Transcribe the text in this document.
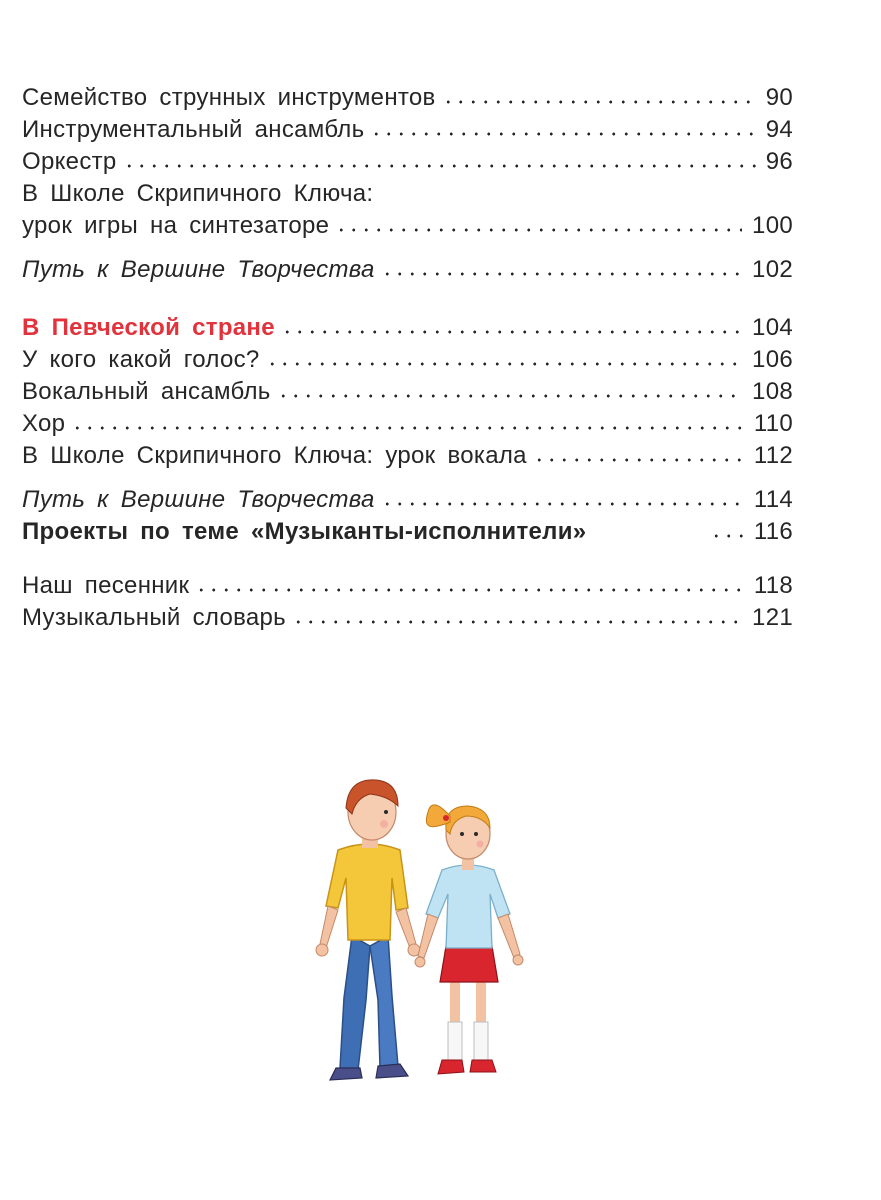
Семейство струнных инструментов	90
Инструментальный ансамбль	94
Оркестр	96
В Школе Скрипичного Ключа:
урок игры на синтезаторе	100
Путь к Вершине Творчества	102
В Певческой стране	104
У кого какой голос?	106
Вокальный ансамбль	108
Хор	110
В Школе Скрипичного Ключа: урок вокала	112
Путь к Вершине Творчества	114
Проекты по теме «Музыканты-исполнители»	116
Наш песенник	118
Музыкальный словарь	121
